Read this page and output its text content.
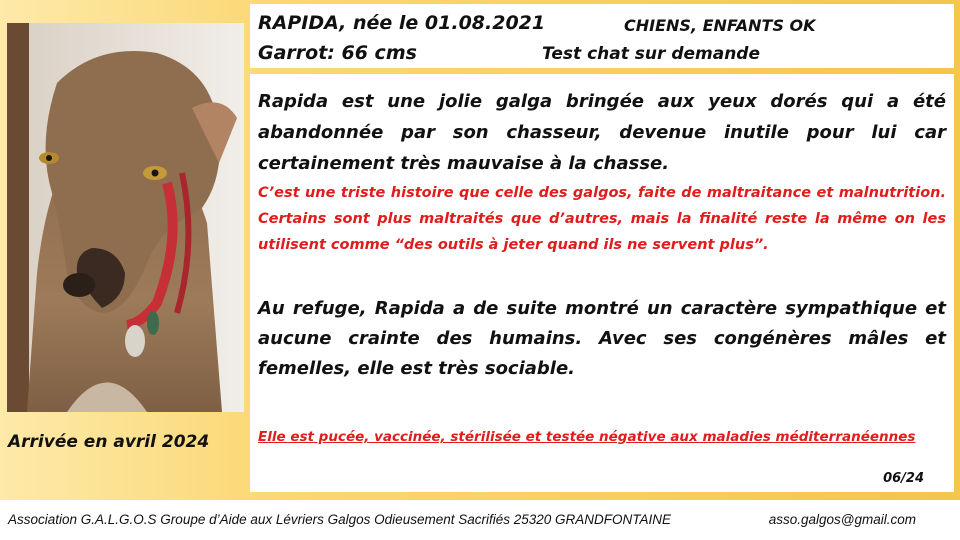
Arrivée en avril 2024
RAPIDA, née le 01.08.2021	CHIENS, ENFANTS OK
Garrot: 66 cms	Test chat sur demande

Rapida est une jolie galga bringée aux yeux dorés qui a été abandonnée par son chasseur, devenue inutile pour lui car certainement très mauvaise à la chasse.

C’est une triste histoire que celle des galgos, faite de maltraitance et malnutrition. Certains sont plus maltraités que d’autres, mais la finalité reste la même on les utilisent comme “des outils à jeter quand ils ne servent plus”.

Au refuge, Rapida a de suite montré un caractère sympathique et aucune crainte des humains. Avec ses congénères mâles et femelles, elle est très sociable.

Elle est pucée, vaccinée, stérilisée et testée négative aux maladies méditerranéennes

06/24
Association G.A.L.G.O.S Groupe d’Aide aux Lévriers Galgos Odieusement Sacrifiés 25320 GRANDFONTAINE	asso.galgos@gmail.com
